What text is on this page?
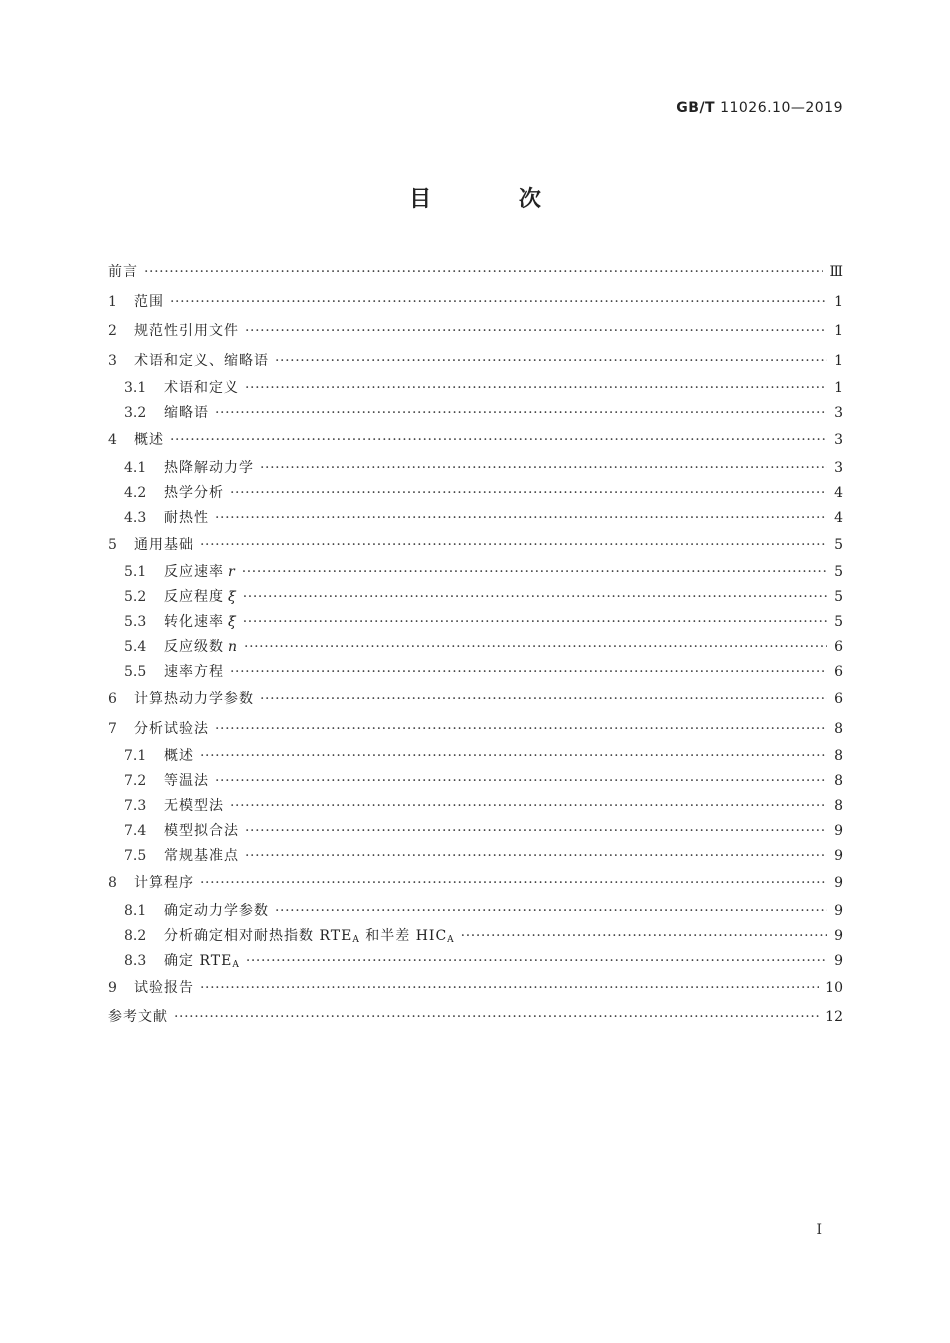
GB/T 11026.10—2019
目 次
前言 ·····	Ⅲ
1	范围 ·····	1
2	规范性引用文件 ·····	1
3	术语和定义、缩略语 ·····	1
3.1	术语和定义 ·····	1
3.2	缩略语 ·····	3
4	概述 ·····	3
4.1	热降解动力学 ·····	3
4.2	热学分析 ·····	4
4.3	耐热性 ·····	4
5	通用基础 ·····	5
5.1	反应速率 r ·····	5
5.2	反应程度 ξ ·····	5
5.3	转化速率 ξ̇ ·····	5
5.4	反应级数 n ·····	6
5.5	速率方程 ·····	6
6	计算热动力学参数 ·····	6
7	分析试验法 ·····	8
7.1	概述 ·····	8
7.2	等温法 ·····	8
7.3	无模型法 ·····	8
7.4	模型拟合法 ·····	9
7.5	常规基准点 ·····	9
8	计算程序 ·····	9
8.1	确定动力学参数 ·····	9
8.2	分析确定相对耐热指数 $RTE_A$ 和半差 $HIC_A$ ·····	9
8.3	确定 $RTE_A$ ·····	9
9	试验报告 ·····	10
参考文献 ·····	12
I
